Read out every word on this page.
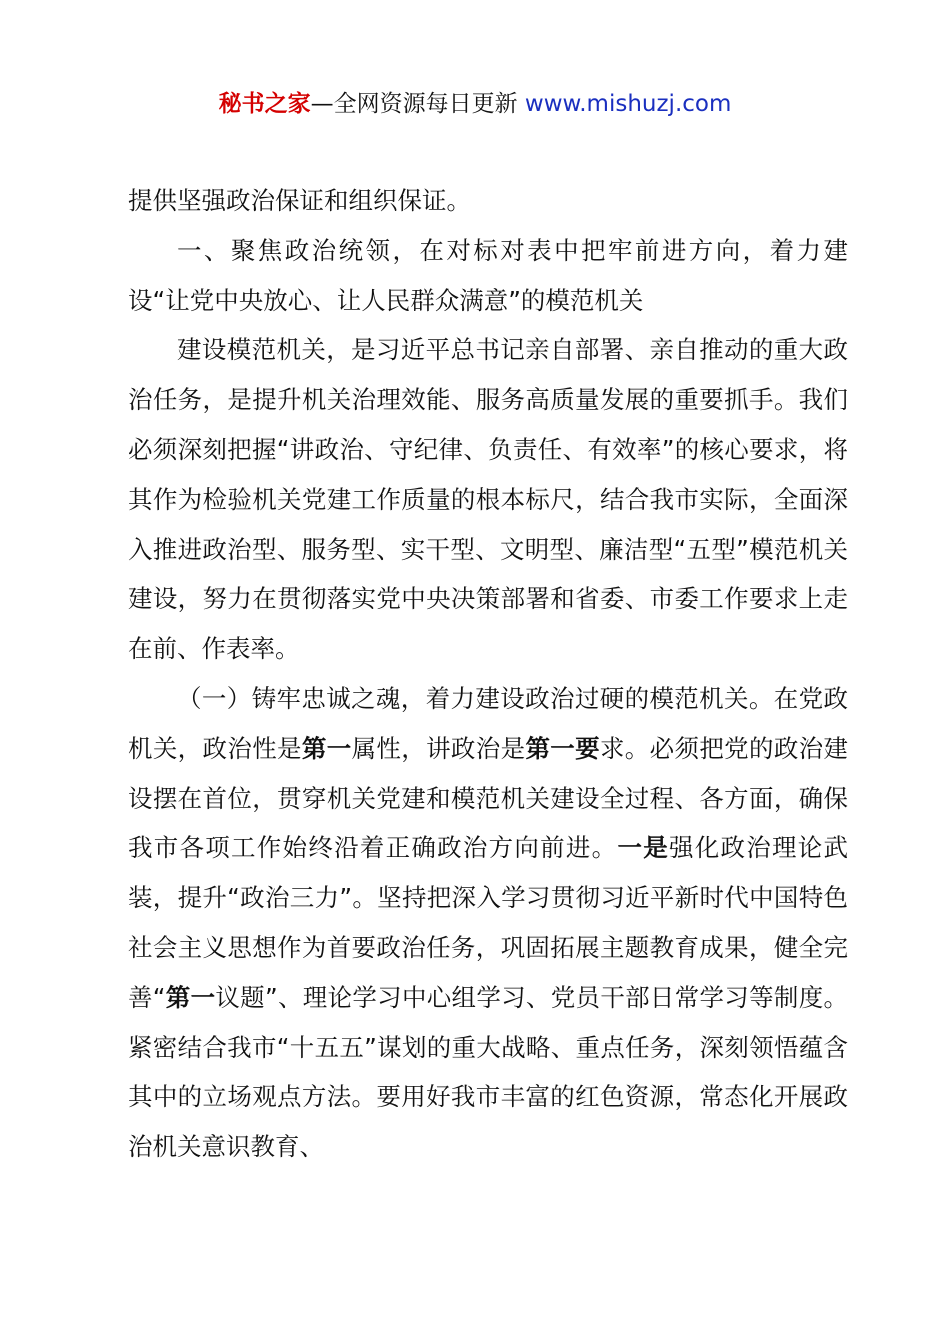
秘书之家—全网资源每日更新 www.mishuzj.com

提供坚强政治保证和组织保证。

一、聚焦政治统领，在对标对表中把牢前进方向，着力建设“让党中央放心、让人民群众满意”的模范机关

建设模范机关，是习近平总书记亲自部署、亲自推动的重大政治任务，是提升机关治理效能、服务高质量发展的重要抓手。我们必须深刻把握“讲政治、守纪律、负责任、有效率”的核心要求，将其作为检验机关党建工作质量的根本标尺，结合我市实际，全面深入推进政治型、服务型、实干型、文明型、廉洁型“五型”模范机关建设，努力在贯彻落实党中央决策部署和省委、市委工作要求上走在前、作表率。

（一）铸牢忠诚之魂，着力建设政治过硬的模范机关。在党政机关，政治性是第一属性，讲政治是第一要求。必须把党的政治建设摆在首位，贯穿机关党建和模范机关建设全过程、各方面，确保我市各项工作始终沿着正确政治方向前进。一是强化政治理论武装，提升“政治三力”。坚持把深入学习贯彻习近平新时代中国特色社会主义思想作为首要政治任务，巩固拓展主题教育成果，健全完善“第一议题”、理论学习中心组学习、党员干部日常学习等制度。紧密结合我市“十五五”谋划的重大战略、重点任务，深刻领悟蕴含其中的立场观点方法。要用好我市丰富的红色资源，常态化开展政治机关意识教育、
